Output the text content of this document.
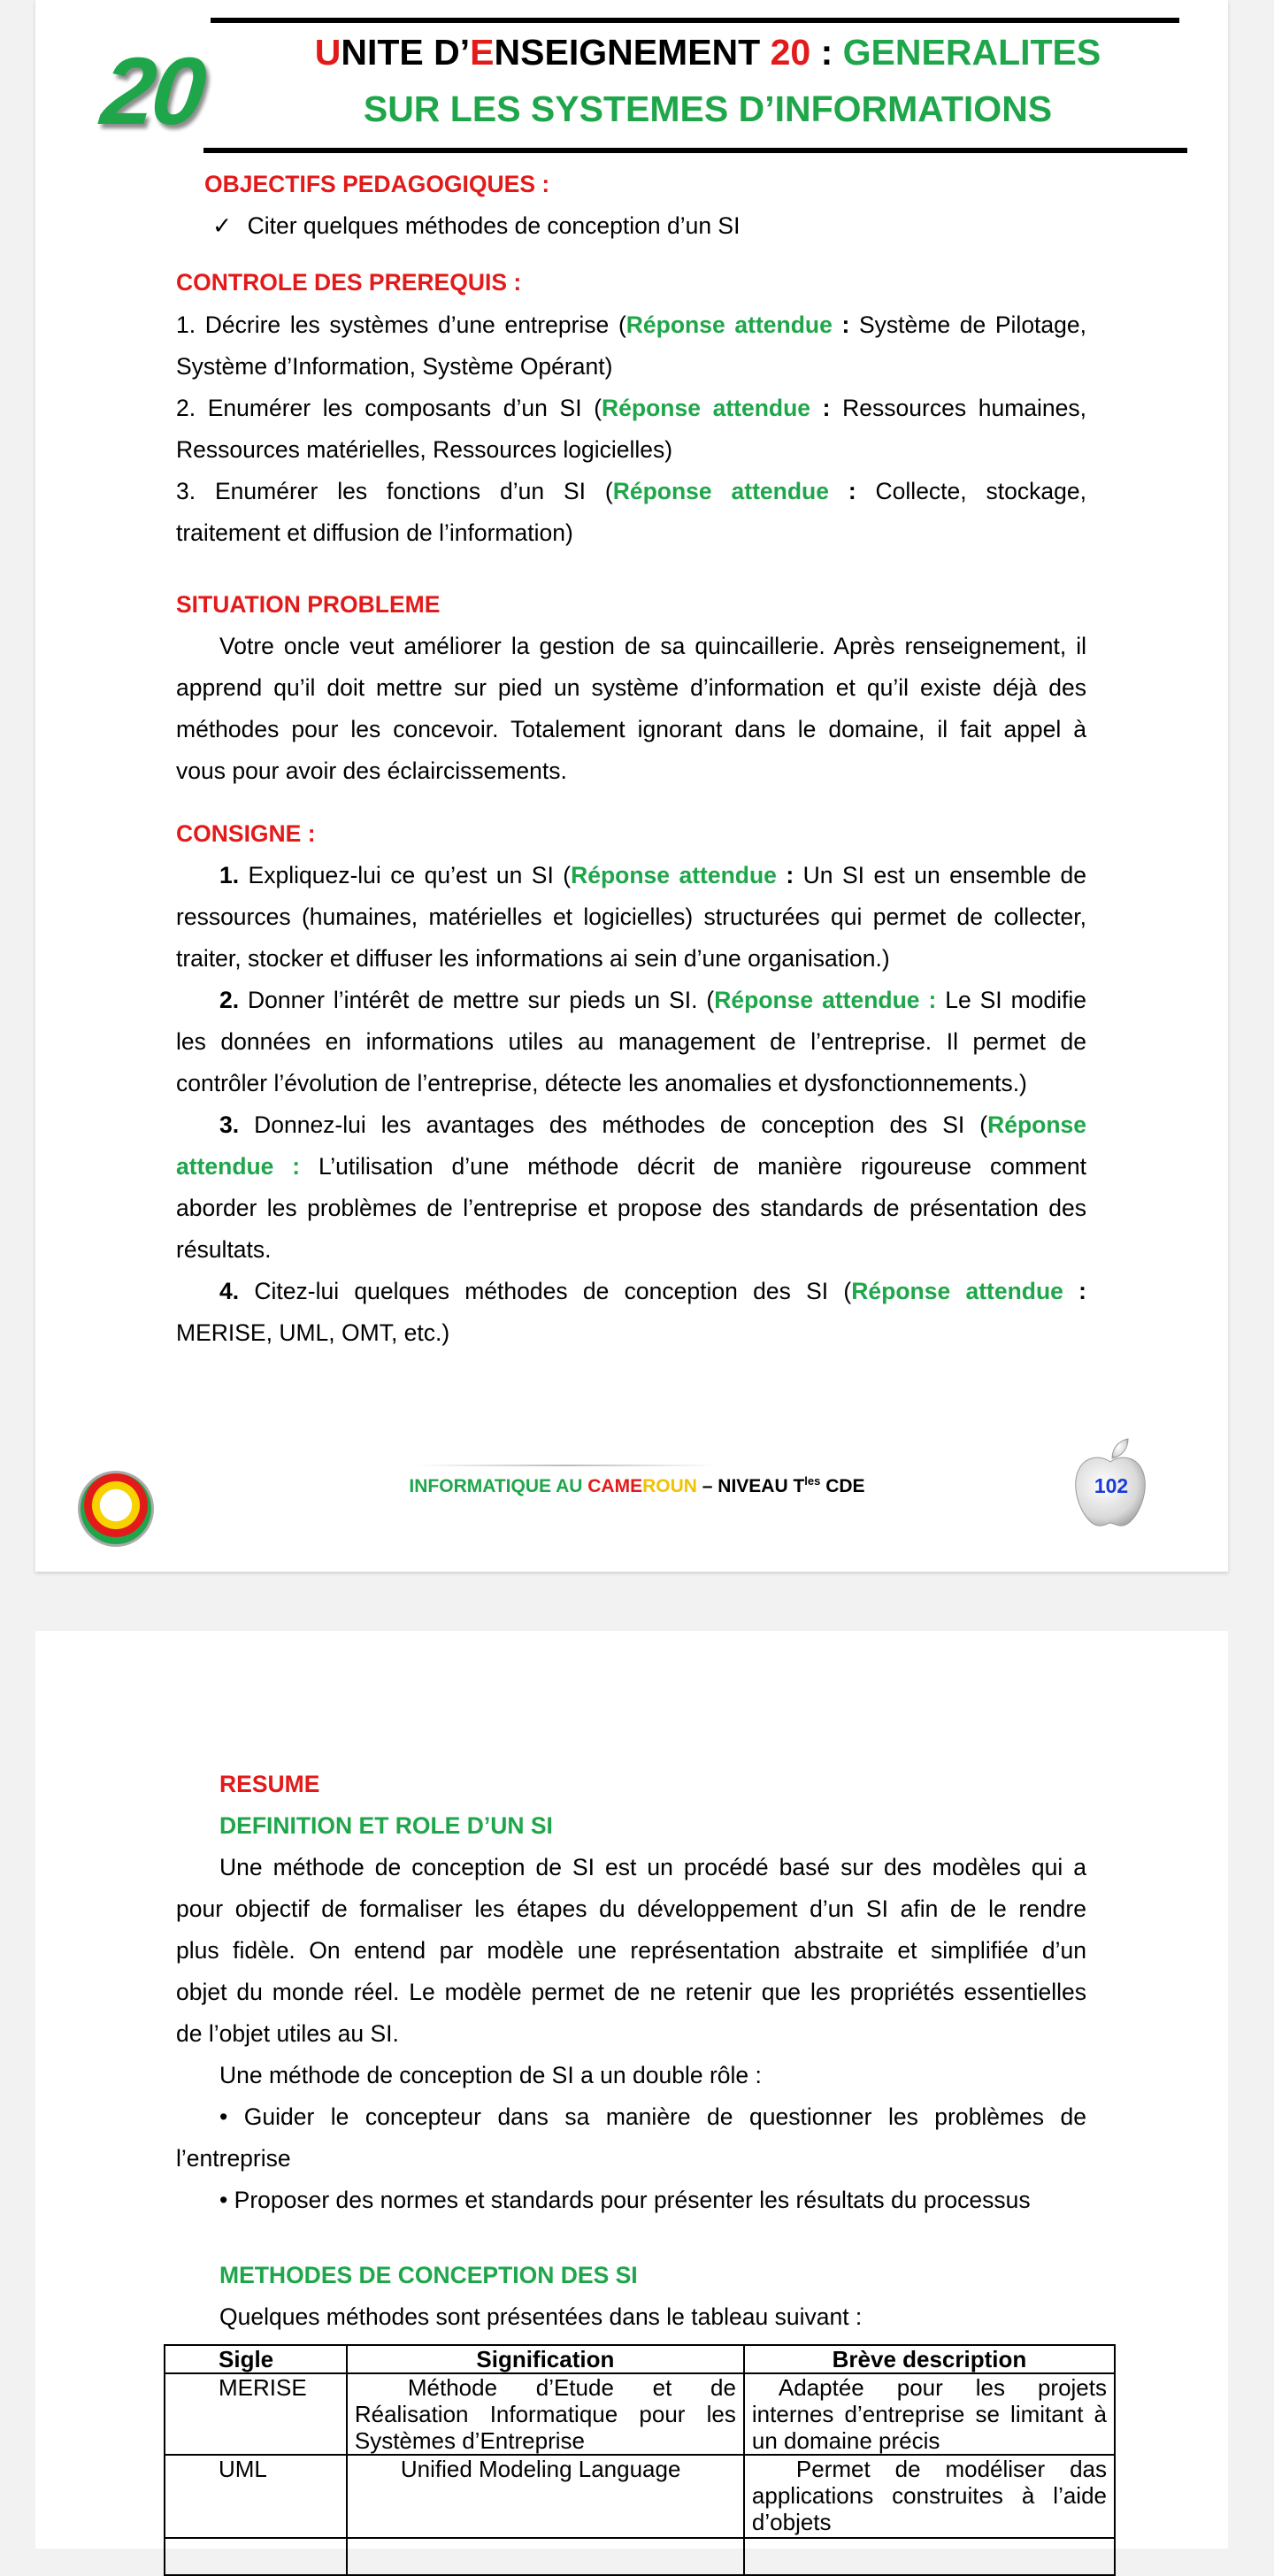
20	UNITE D’ENSEIGNEMENT 20 : GENERALITES
SUR LES SYSTEMES D’INFORMATIONS
OBJECTIFS PEDAGOGIQUES :
✓ Citer quelques méthodes de conception d’un SI
CONTROLE DES PREREQUIS :
1. Décrire les systèmes d’une entreprise (Réponse attendue : Système de Pilotage,
Système d’Information, Système Opérant)
2. Enumérer les composants d’un SI (Réponse attendue : Ressources humaines,
Ressources matérielles, Ressources logicielles)
3. Enumérer les fonctions d’un SI (Réponse attendue : Collecte, stockage,
traitement et diffusion de l’information)
SITUATION PROBLEME
Votre oncle veut améliorer la gestion de sa quincaillerie. Après renseignement, il
apprend qu’il doit mettre sur pied un système d’information et qu’il existe déjà des
méthodes pour les concevoir. Totalement ignorant dans le domaine, il fait appel à
vous pour avoir des éclaircissements.
CONSIGNE :
1. Expliquez-lui ce qu’est un SI (Réponse attendue : Un SI est un ensemble de
ressources (humaines, matérielles et logicielles) structurées qui permet de collecter,
traiter, stocker et diffuser les informations ai sein d’une organisation.)
2. Donner l’intérêt de mettre sur pieds un SI. (Réponse attendue : Le SI modifie
les données en informations utiles au management de l’entreprise. Il permet de
contrôler l’évolution de l’entreprise, détecte les anomalies et dysfonctionnements.)
3. Donnez-lui les avantages des méthodes de conception des SI (Réponse
attendue : L’utilisation d’une méthode décrit de manière rigoureuse comment
aborder les problèmes de l’entreprise et propose des standards de présentation des
résultats.
4. Citez-lui quelques méthodes de conception des SI (Réponse attendue :
MERISE, UML, OMT, etc.)
102
INFORMATIQUE AU CAMEROUN – NIVEAU $T^{les}$ CDE
RESUME
DEFINITION ET ROLE D’UN SI
Une méthode de conception de SI est un procédé basé sur des modèles qui a
pour objectif de formaliser les étapes du développement d’un SI afin de le rendre
plus fidèle. On entend par modèle une représentation abstraite et simplifiée d’un
objet du monde réel. Le modèle permet de ne retenir que les propriétés essentielles
de l’objet utiles au SI.
Une méthode de conception de SI a un double rôle :
• Guider le concepteur dans sa manière de questionner les problèmes de
l’entreprise
• Proposer des normes et standards pour présenter les résultats du processus
METHODES DE CONCEPTION DES SI
Quelques méthodes sont présentées dans le tableau suivant :
Sigle	Signification	Brève description
MERISE	Méthode d’Etude et de Réalisation Informatique pour les Systèmes d’Entreprise	Adaptée pour les projets internes d’entreprise se limitant à un domaine précis
UML	Unified Modeling Language	Permet de modéliser das applications construites à l’aide d’objets
